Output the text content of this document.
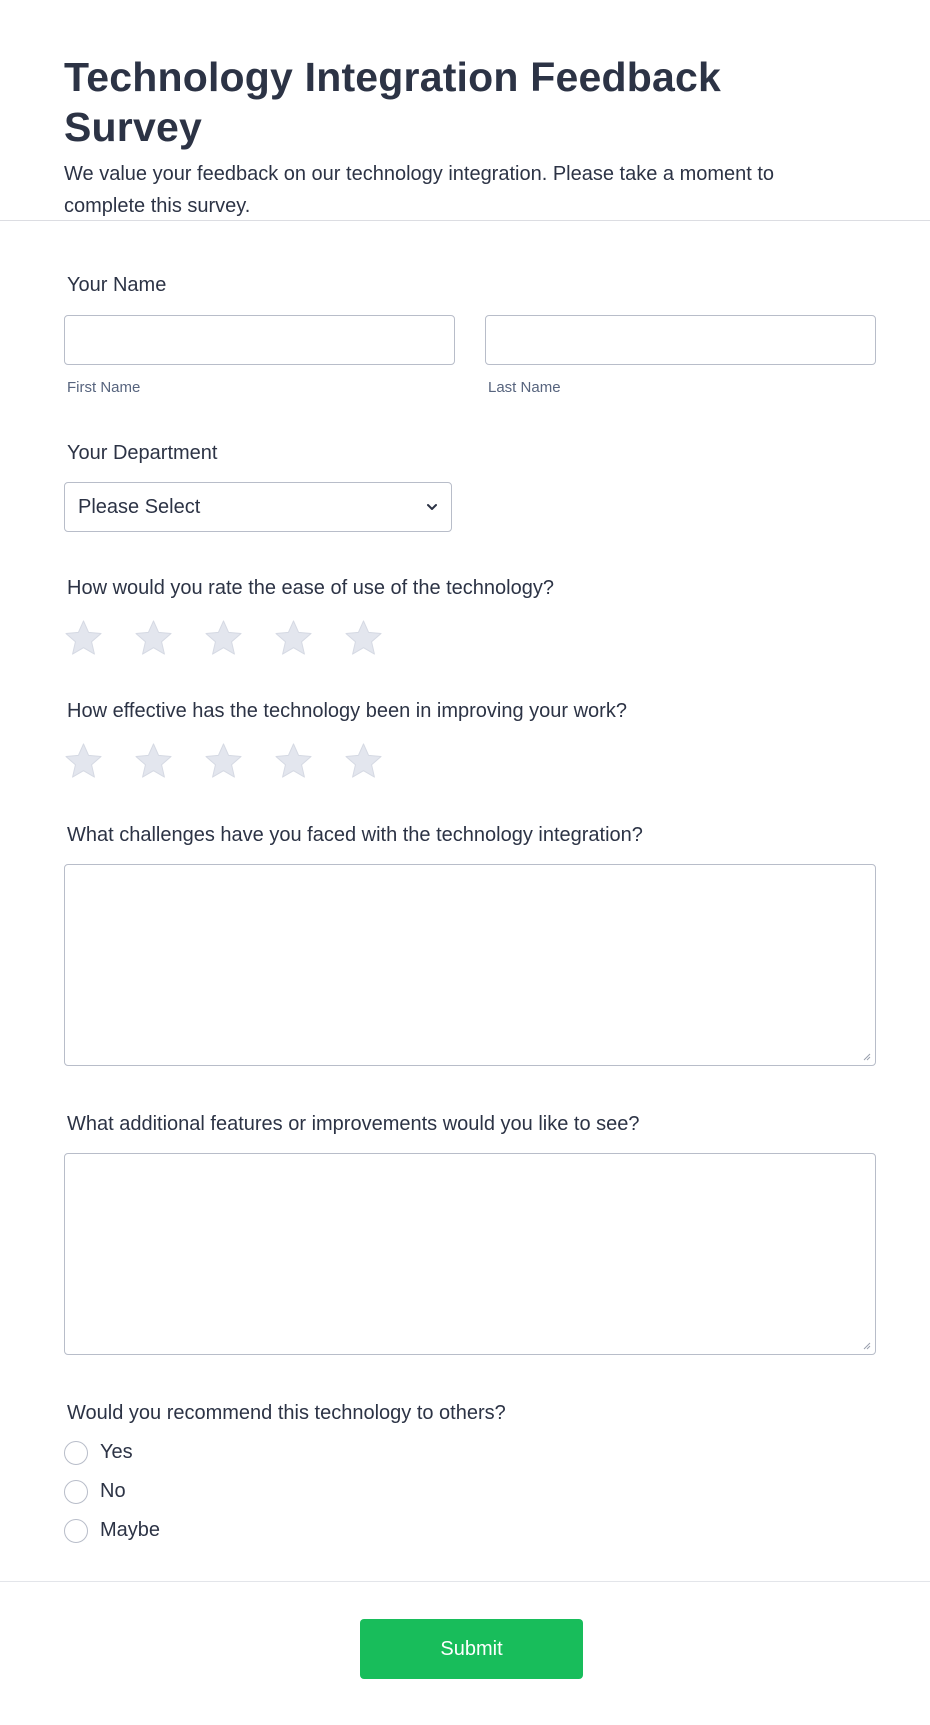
Technology Integration Feedback Survey

We value your feedback on our technology integration. Please take a moment to complete this survey.

Your Name
First Name	Last Name
Your Department
Please Select
How would you rate the ease of use of the technology?
How effective has the technology been in improving your work?
What challenges have you faced with the technology integration?
What additional features or improvements would you like to see?
Would you recommend this technology to others?
Yes
No
Maybe
Submit
